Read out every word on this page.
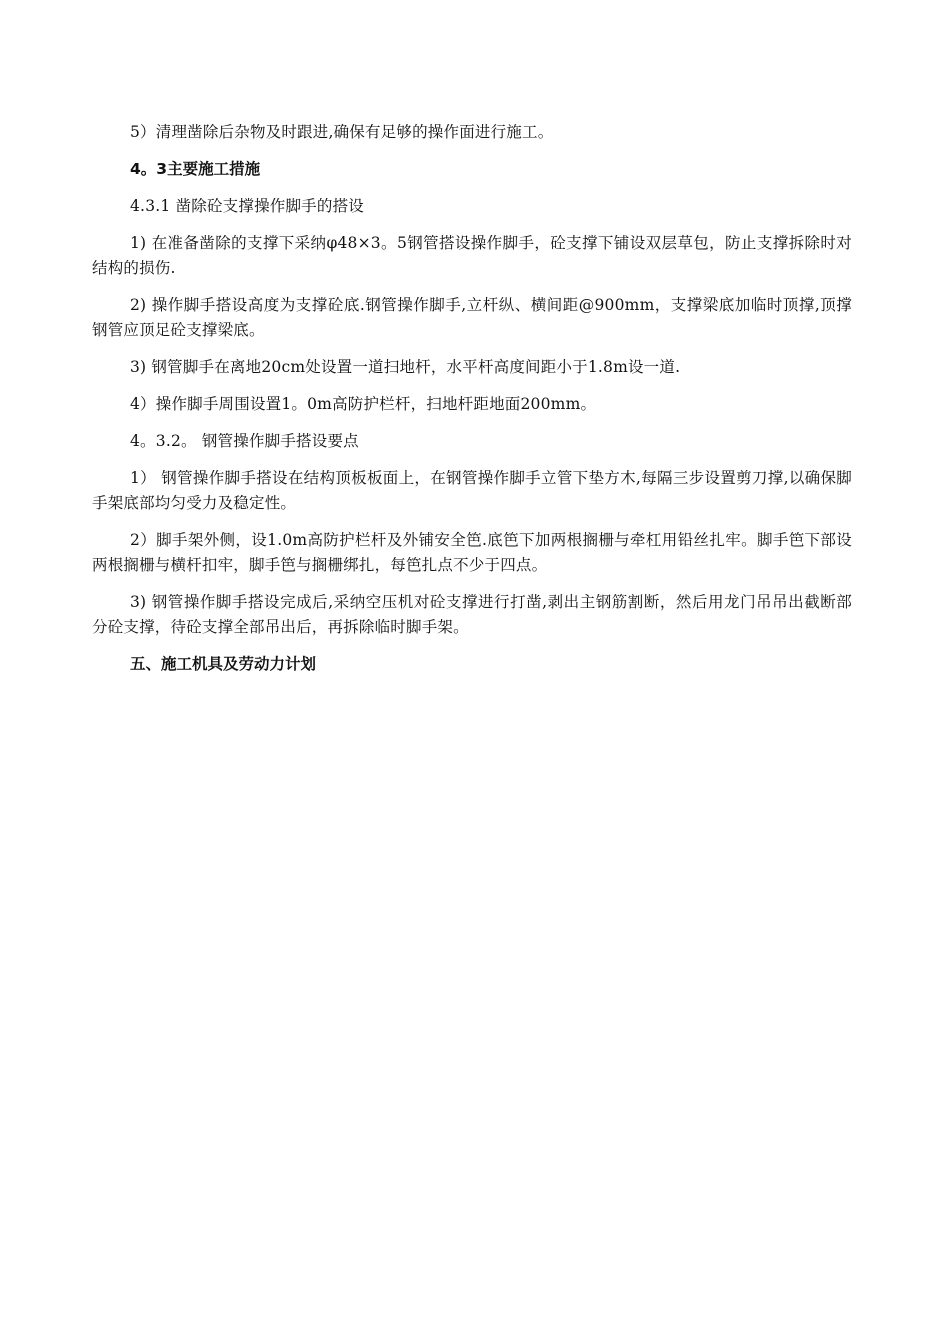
5）清理凿除后杂物及时跟进,确保有足够的操作面进行施工。

4。3主要施工措施

4.3.1 凿除砼支撑操作脚手的搭设

1) 在准备凿除的支撑下采纳φ48×3。5钢管搭设操作脚手，砼支撑下铺设双层草包，防止支撑拆除时对结构的损伤.

2) 操作脚手搭设高度为支撑砼底.钢管操作脚手,立杆纵、横间距@900mm，支撑梁底加临时顶撑,顶撑钢管应顶足砼支撑梁底。

3) 钢管脚手在离地20cm处设置一道扫地杆，水平杆高度间距小于1.8m设一道.

4）操作脚手周围设置1。0m高防护栏杆，扫地杆距地面200mm。

4。3.2。 钢管操作脚手搭设要点

1） 钢管操作脚手搭设在结构顶板板面上，在钢管操作脚手立管下垫方木,每隔三步设置剪刀撑,以确保脚手架底部均匀受力及稳定性。

2）脚手架外侧，设1.0m高防护栏杆及外铺安全笆.底笆下加两根搁栅与牵杠用铅丝扎牢。脚手笆下部设两根搁栅与横杆扣牢，脚手笆与搁栅绑扎，每笆扎点不少于四点。

3) 钢管操作脚手搭设完成后,采纳空压机对砼支撑进行打凿,剥出主钢筋割断，然后用龙门吊吊出截断部分砼支撑，待砼支撑全部吊出后，再拆除临时脚手架。

五、施工机具及劳动力计划
